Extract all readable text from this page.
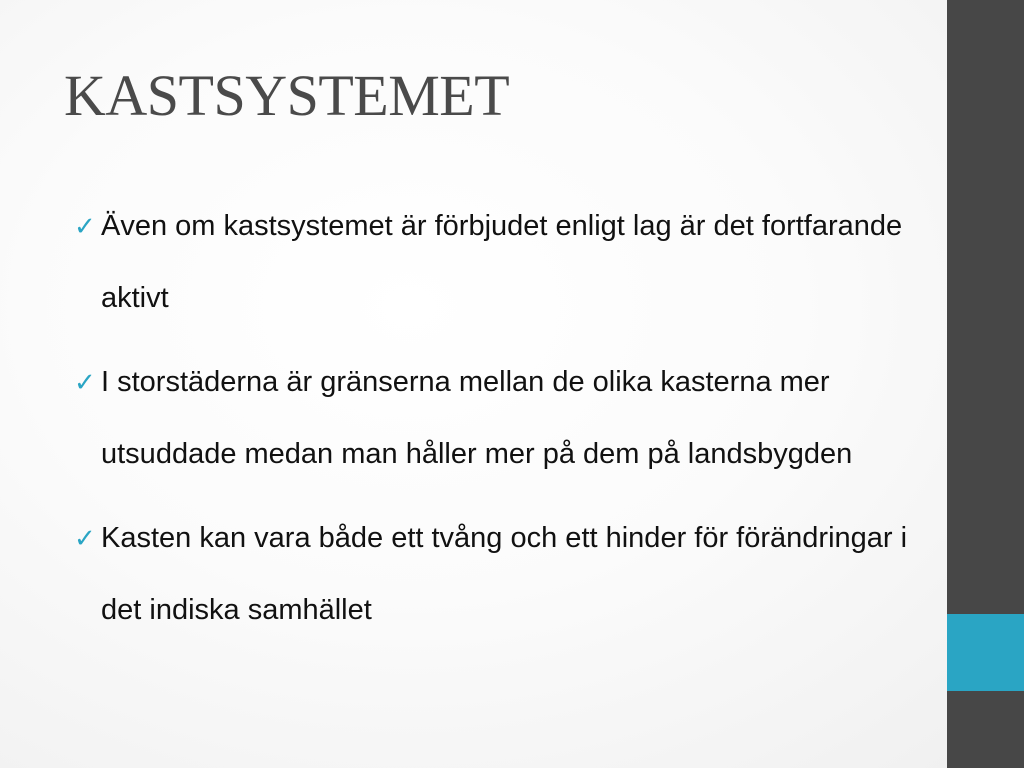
KASTSYSTEMET
✓ Även om kastsystemet är förbjudet enligt lag är det fortfarande aktivt
✓ I storstäderna är gränserna mellan de olika kasterna mer utsuddade medan man håller mer på dem på landsbygden
✓ Kasten kan vara både ett tvång och ett hinder för förändringar i det indiska samhället
